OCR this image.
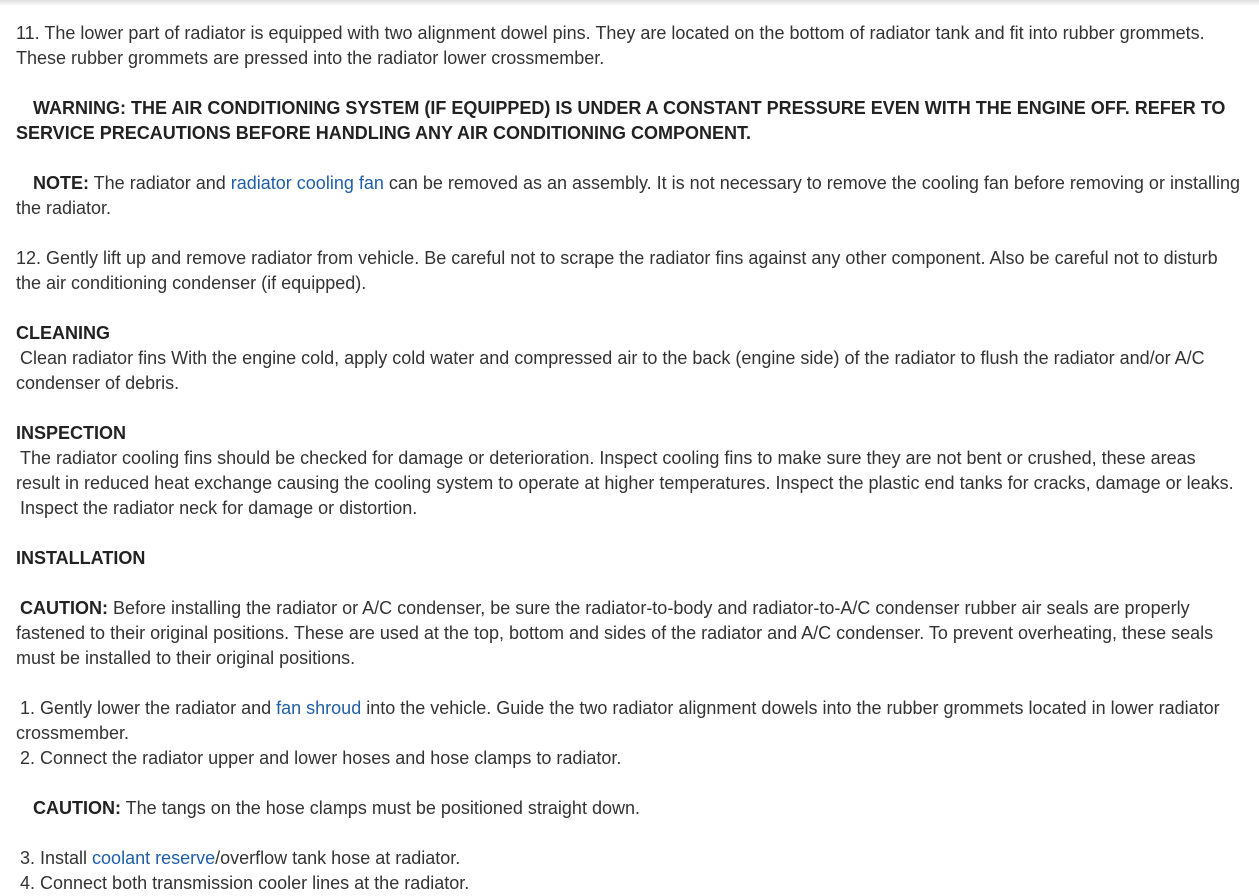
11. The lower part of radiator is equipped with two alignment dowel pins. They are located on the bottom of radiator tank and fit into rubber grommets. These rubber grommets are pressed into the radiator lower crossmember.

WARNING: THE AIR CONDITIONING SYSTEM (IF EQUIPPED) IS UNDER A CONSTANT PRESSURE EVEN WITH THE ENGINE OFF. REFER TO SERVICE PRECAUTIONS BEFORE HANDLING ANY AIR CONDITIONING COMPONENT.

NOTE: The radiator and radiator cooling fan can be removed as an assembly. It is not necessary to remove the cooling fan before removing or installing the radiator.

12. Gently lift up and remove radiator from vehicle. Be careful not to scrape the radiator fins against any other component. Also be careful not to disturb the air conditioning condenser (if equipped).

CLEANING

Clean radiator fins With the engine cold, apply cold water and compressed air to the back (engine side) of the radiator to flush the radiator and/or A/C condenser of debris.

INSPECTION

The radiator cooling fins should be checked for damage or deterioration. Inspect cooling fins to make sure they are not bent or crushed, these areas result in reduced heat exchange causing the cooling system to operate at higher temperatures. Inspect the plastic end tanks for cracks, damage or leaks.

Inspect the radiator neck for damage or distortion.

INSTALLATION

CAUTION: Before installing the radiator or A/C condenser, be sure the radiator-to-body and radiator-to-A/C condenser rubber air seals are properly fastened to their original positions. These are used at the top, bottom and sides of the radiator and A/C condenser. To prevent overheating, these seals must be installed to their original positions.

1. Gently lower the radiator and fan shroud into the vehicle. Guide the two radiator alignment dowels into the rubber grommets located in lower radiator crossmember.

2. Connect the radiator upper and lower hoses and hose clamps to radiator.

CAUTION: The tangs on the hose clamps must be positioned straight down.

3. Install coolant reserve/overflow tank hose at radiator.

4. Connect both transmission cooler lines at the radiator.
